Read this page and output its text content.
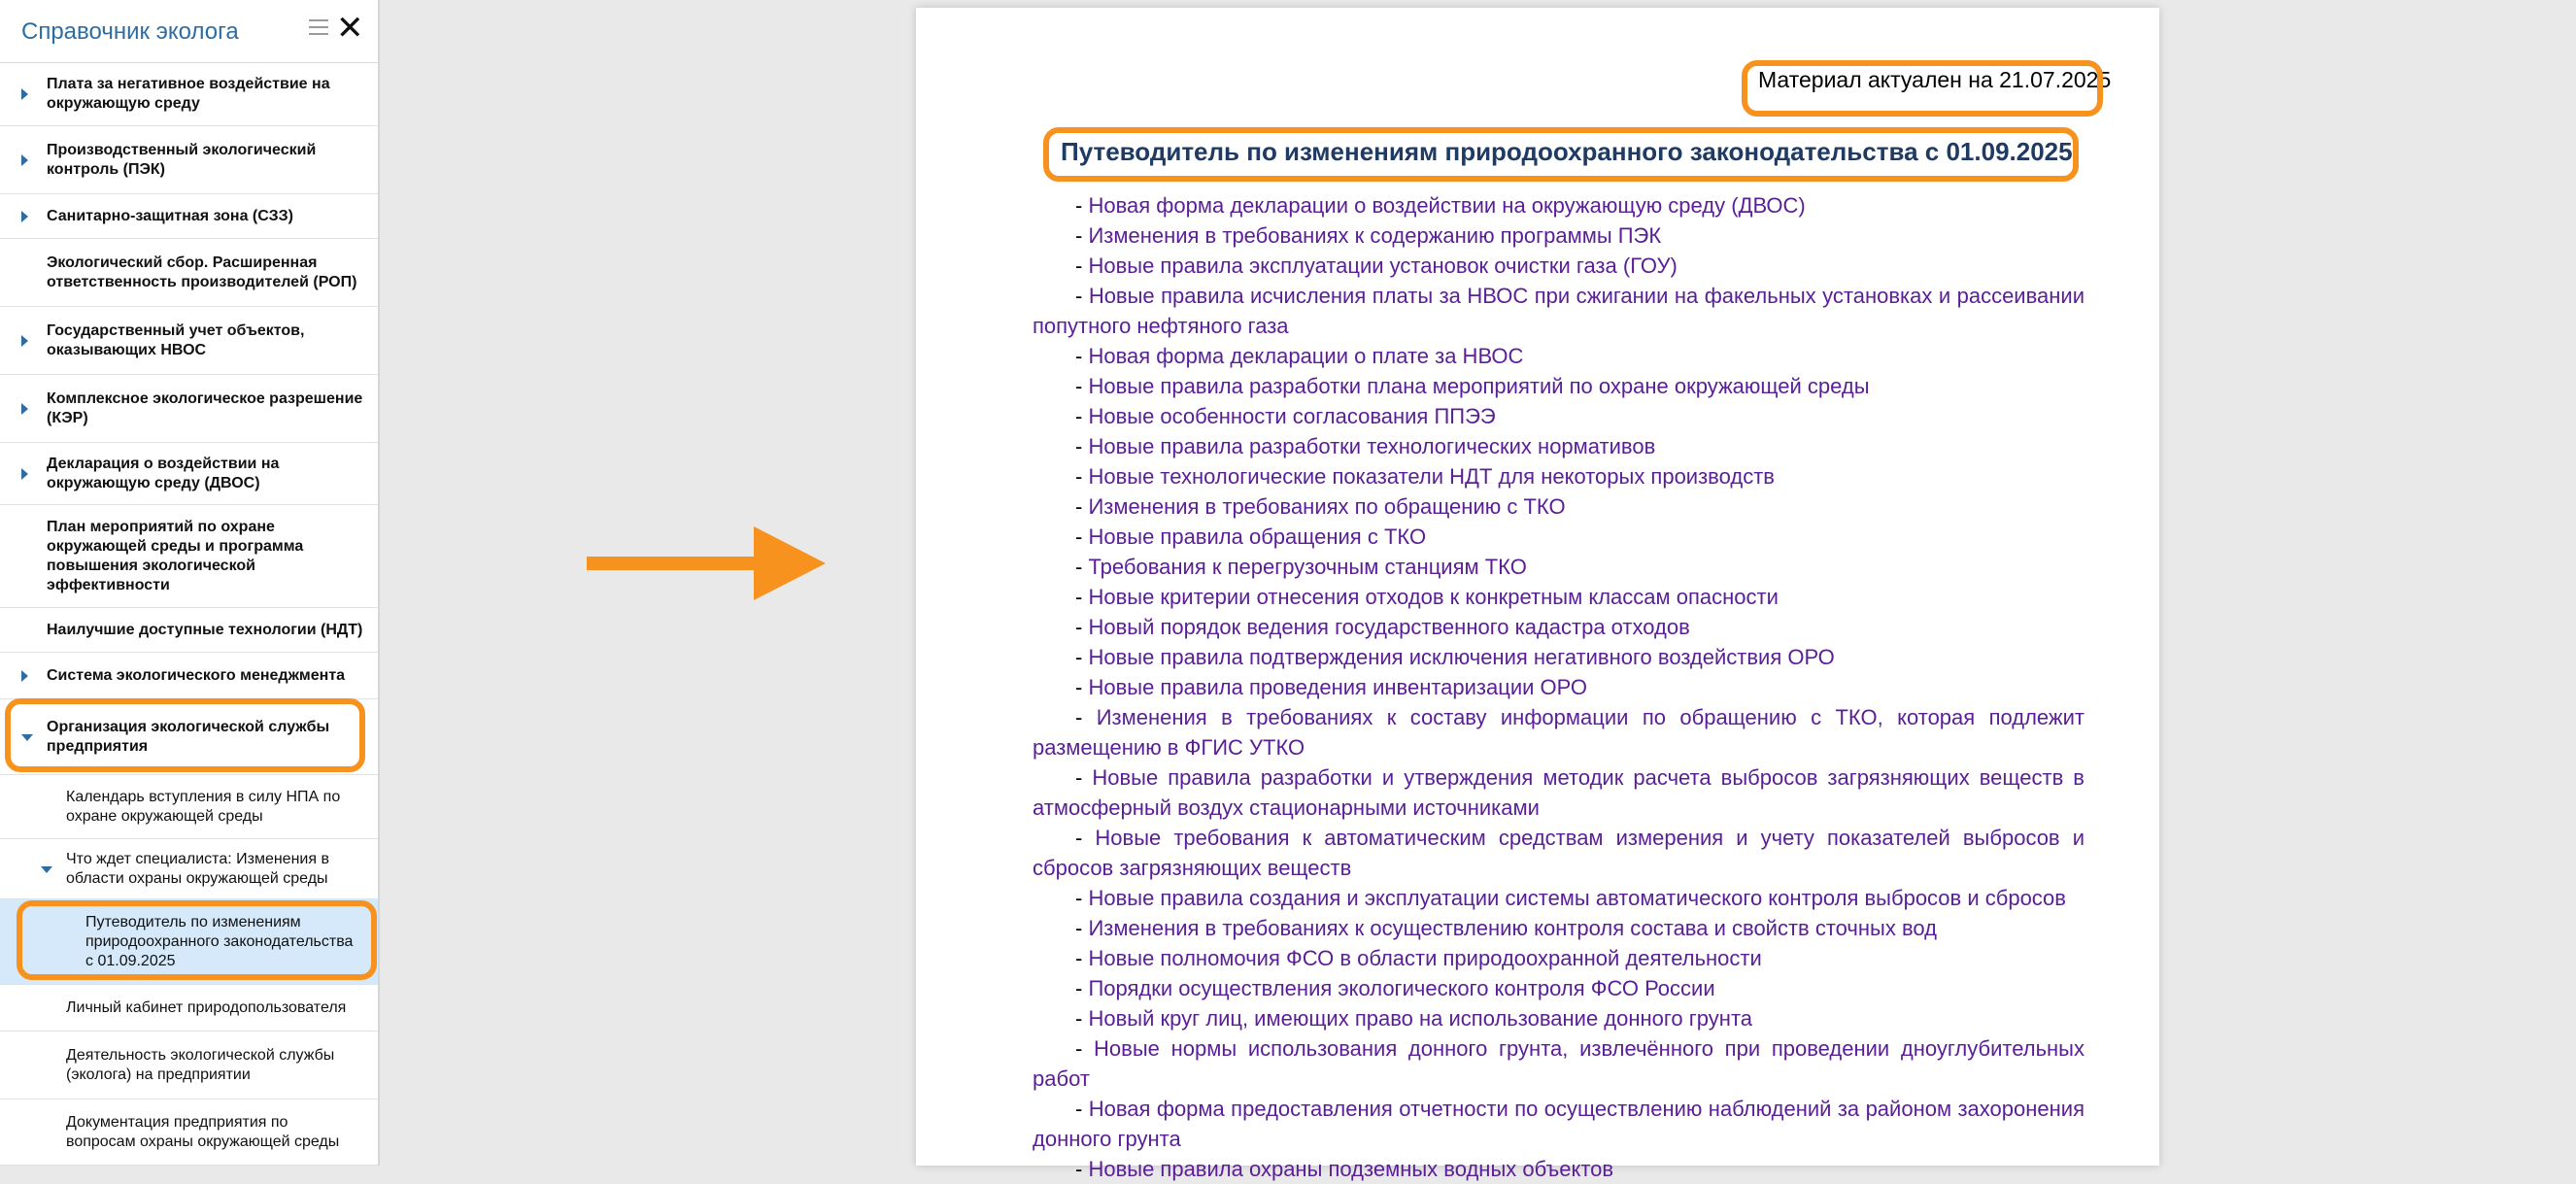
Справочник эколога	✕
Плата за негативное воздействие на окружающую среду
Производственный экологический контроль (ПЭК)
Санитарно-защитная зона (СЗЗ)
Экологический сбор. Расширенная ответственность производителей (РОП)
Государственный учет объектов, оказывающих НВОС
Комплексное экологическое разрешение (КЭР)
Декларация о воздействии на окружающую среду (ДВОС)
План мероприятий по охране окружающей среды и программа повышения экологической эффективности
Наилучшие доступные технологии (НДТ)
Система экологического менеджмента
Организация экологической службы предприятия
Календарь вступления в силу НПА по охране окружающей среды
Что ждет специалиста: Изменения в области охраны окружающей среды
Путеводитель по изменениям природоохранного законодательства с 01.09.2025
Личный кабинет природопользователя
Деятельность экологической службы (эколога) на предприятии
Документация предприятия по вопросам охраны окружающей среды
Материал актуален на 21.07.2025
Путеводитель по изменениям природоохранного законодательства с 01.09.2025
- Новая форма декларации о воздействии на окружающую среду (ДВОС)
- Изменения в требованиях к содержанию программы ПЭК
- Новые правила эксплуатации установок очистки газа (ГОУ)
- Новые правила исчисления платы за НВОС при сжигании на факельных установках и рассеивании попутного нефтяного газа
- Новая форма декларации о плате за НВОС
- Новые правила разработки плана мероприятий по охране окружающей среды
- Новые особенности согласования ППЭЭ
- Новые правила разработки технологических нормативов
- Новые технологические показатели НДТ для некоторых производств
- Изменения в требованиях по обращению с ТКО
- Новые правила обращения с ТКО
- Требования к перегрузочным станциям ТКО
- Новые критерии отнесения отходов к конкретным классам опасности
- Новый порядок ведения государственного кадастра отходов
- Новые правила подтверждения исключения негативного воздействия ОРО
- Новые правила проведения инвентаризации ОРО
- Изменения в требованиях к составу информации по обращению с ТКО, которая подлежит размещению в ФГИС УТКО
- Новые правила разработки и утверждения методик расчета выбросов загрязняющих веществ в атмосферный воздух стационарными источниками
- Новые требования к автоматическим средствам измерения и учету показателей выбросов и сбросов загрязняющих веществ
- Новые правила создания и эксплуатации системы автоматического контроля выбросов и сбросов
- Изменения в требованиях к осуществлению контроля состава и свойств сточных вод
- Новые полномочия ФСО в области природоохранной деятельности
- Порядки осуществления экологического контроля ФСО России
- Новый круг лиц, имеющих право на использование донного грунта
- Новые нормы использования донного грунта, извлечённого при проведении дноуглубительных работ
- Новая форма предоставления отчетности по осуществлению наблюдений за районом захоронения донного грунта
- Новые правила охраны подземных водных объектов
